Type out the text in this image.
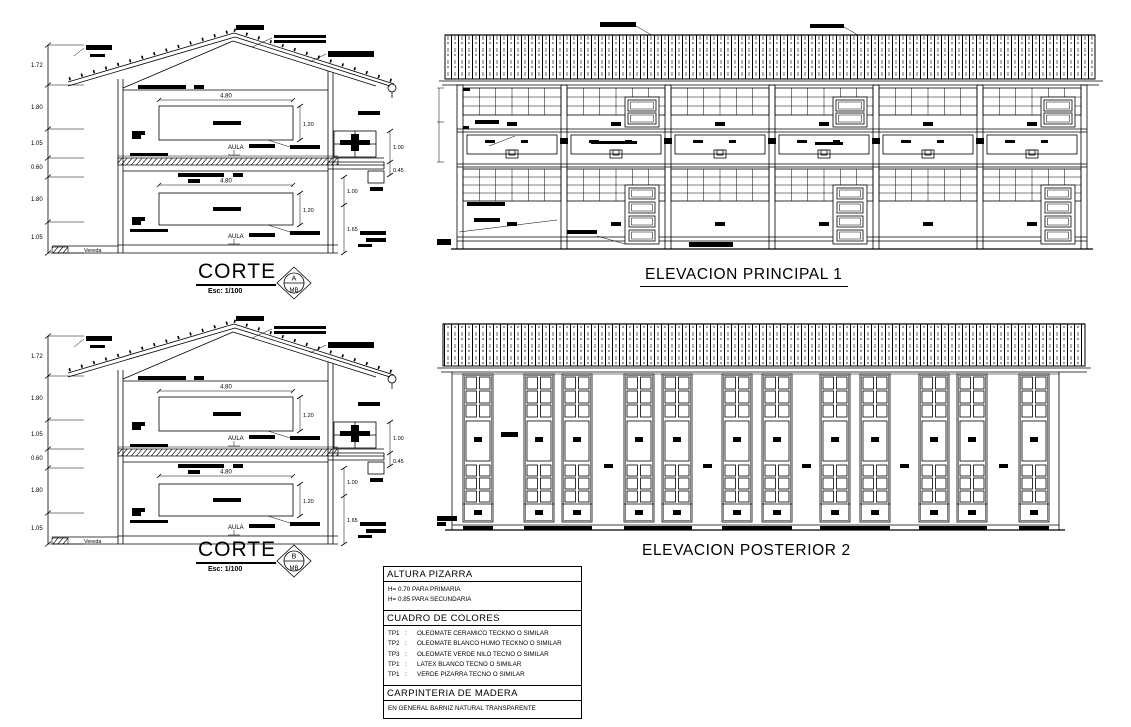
1.72
1.80
1.05
0.60
1.80
1.05
Vereda
4.80
1.20
AULA
4.80
1.20
AULA
1.00
0.45
1.00
1.65
CORTE A
MB
Esc: 1/100
1.72
1.80
1.05
0.60
1.80
1.05
Vereda
4.80
1.20
AULA
4.80
1.20
AULA
1.00
0.45
1.00
1.65
CORTE B
MB
Esc: 1/100
ELEVACION PRINCIPAL 1
ELEVACION POSTERIOR 2
ALTURA PIZARRA
H= 0.70 PARA PRIMARIA
H= 0.85 PARA SECUNDARIA
CUADRO DE COLORES
TP1 :	OLEOMATE CERAMICO TECKNO O SIMILAR
TP2 :	OLEOMATE BLANCO HUMO TECKNO O SIMILAR
TP3 :	OLEOMATE VERDE NILO TECNO O SIMILAR
TP1 :	LATEX BLANCO TECNO O SIMILAR
TP1 :	VERDE PIZARRA TECNO O SIMILAR
CARPINTERIA DE MADERA
EN GENERAL BARNIZ NATURAL TRANSPARENTE
